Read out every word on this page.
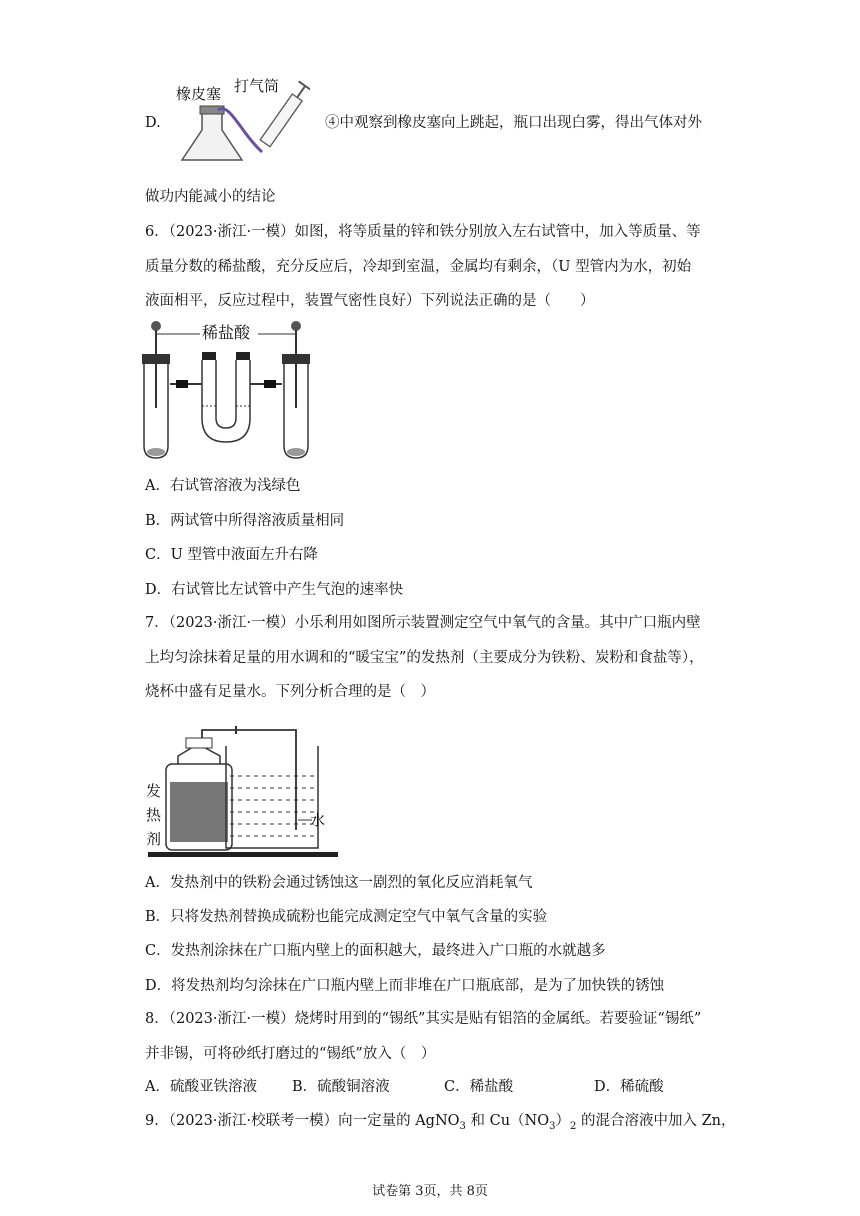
D.
橡皮塞 打气筒
④中观察到橡皮塞向上跳起，瓶口出现白雾，得出气体对外
做功内能减小的结论
6．（2023·浙江·一模）如图，将等质量的锌和铁分别放入左右试管中，加入等质量、等
质量分数的稀盐酸，充分反应后，冷却到室温，金属均有剩余，（U 型管内为水，初始
液面相平，反应过程中，装置气密性良好）下列说法正确的是（　　）
稀盐酸
A．右试管溶液为浅绿色
B．两试管中所得溶液质量相同
C．U 型管中液面左升右降
D．右试管比左试管中产生气泡的速率快
7．（2023·浙江·一模）小乐利用如图所示装置测定空气中氧气的含量。其中广口瓶内壁
上均匀涂抹着足量的用水调和的“暖宝宝”的发热剂（主要成分为铁粉、炭粉和食盐等），
烧杯中盛有足量水。下列分析合理的是（　）
发
热
剂
水
A．发热剂中的铁粉会通过锈蚀这一剧烈的氧化反应消耗氧气
B．只将发热剂替换成硫粉也能完成测定空气中氧气含量的实验
C．发热剂涂抹在广口瓶内壁上的面积越大，最终进入广口瓶的水就越多
D．将发热剂均匀涂抹在广口瓶内壁上而非堆在广口瓶底部，是为了加快铁的锈蚀
8．（2023·浙江·一模）烧烤时用到的“锡纸”其实是贴有铝箔的金属纸。若要验证“锡纸”
并非锡，可将砂纸打磨过的“锡纸”放入（　）
A．硫酸亚铁溶液 B．硫酸铜溶液	C．稀盐酸	D．稀硫酸
9．（2023·浙江·校联考一模）向一定量的 AgNO$_3$ 和 $Cu(NO_3)_2$ 的混合溶液中加入 Zn，
试卷第 3页，共 8页
